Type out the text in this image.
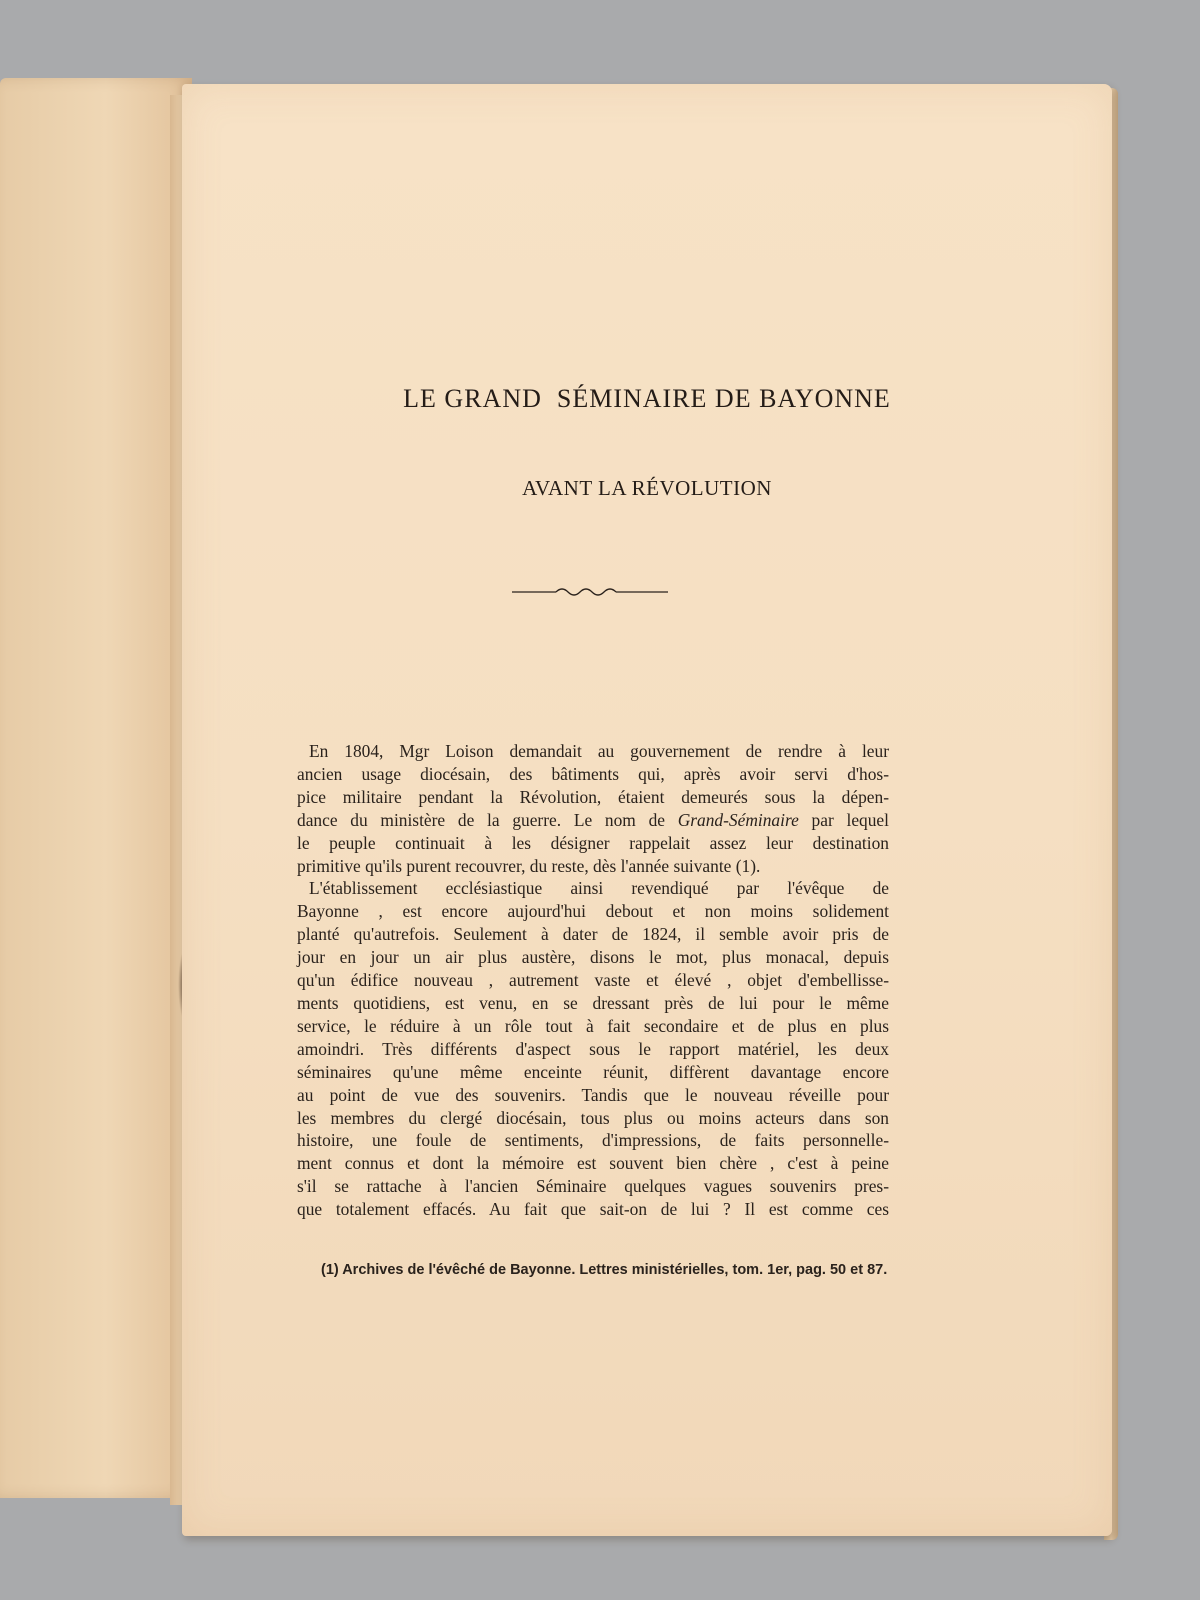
LE GRAND  SÉMINAIRE DE BAYONNE
AVANT LA RÉVOLUTION

En 1804, Mgr Loison demandait au gouvernement de rendre à leur

ancien usage diocésain, des bâtiments qui, après avoir servi d'hos-

pice militaire pendant la Révolution, étaient demeurés sous la dépen-

dance du ministère de la guerre. Le nom de Grand-Séminaire par lequel

le peuple continuait à les désigner rappelait assez leur destination

primitive qu'ils purent recouvrer, du reste, dès l'année suivante (1).

L'établissement ecclésiastique ainsi revendiqué par l'évêque de

Bayonne , est encore aujourd'hui debout et non moins solidement

planté qu'autrefois. Seulement à dater de 1824, il semble avoir pris de

jour en jour un air plus austère, disons le mot, plus monacal, depuis

qu'un édifice nouveau , autrement vaste et élevé , objet d'embellisse-

ments quotidiens, est venu, en se dressant près de lui pour le même

service, le réduire à un rôle tout à fait secondaire et de plus en plus

amoindri. Très différents d'aspect sous le rapport matériel, les deux

séminaires qu'une même enceinte réunit, diffèrent davantage encore

au point de vue des souvenirs. Tandis que le nouveau réveille pour

les membres du clergé diocésain, tous plus ou moins acteurs dans son

histoire, une foule de sentiments, d'impressions, de faits personnelle-

ment connus et dont la mémoire est souvent bien chère , c'est à peine

s'il se rattache à l'ancien Séminaire quelques vagues souvenirs pres-

que totalement effacés. Au fait que sait-on de lui ? Il est comme ces

(1) Archives de l'évêché de Bayonne. Lettres ministérielles, tom. 1er, pag. 50 et 87.
